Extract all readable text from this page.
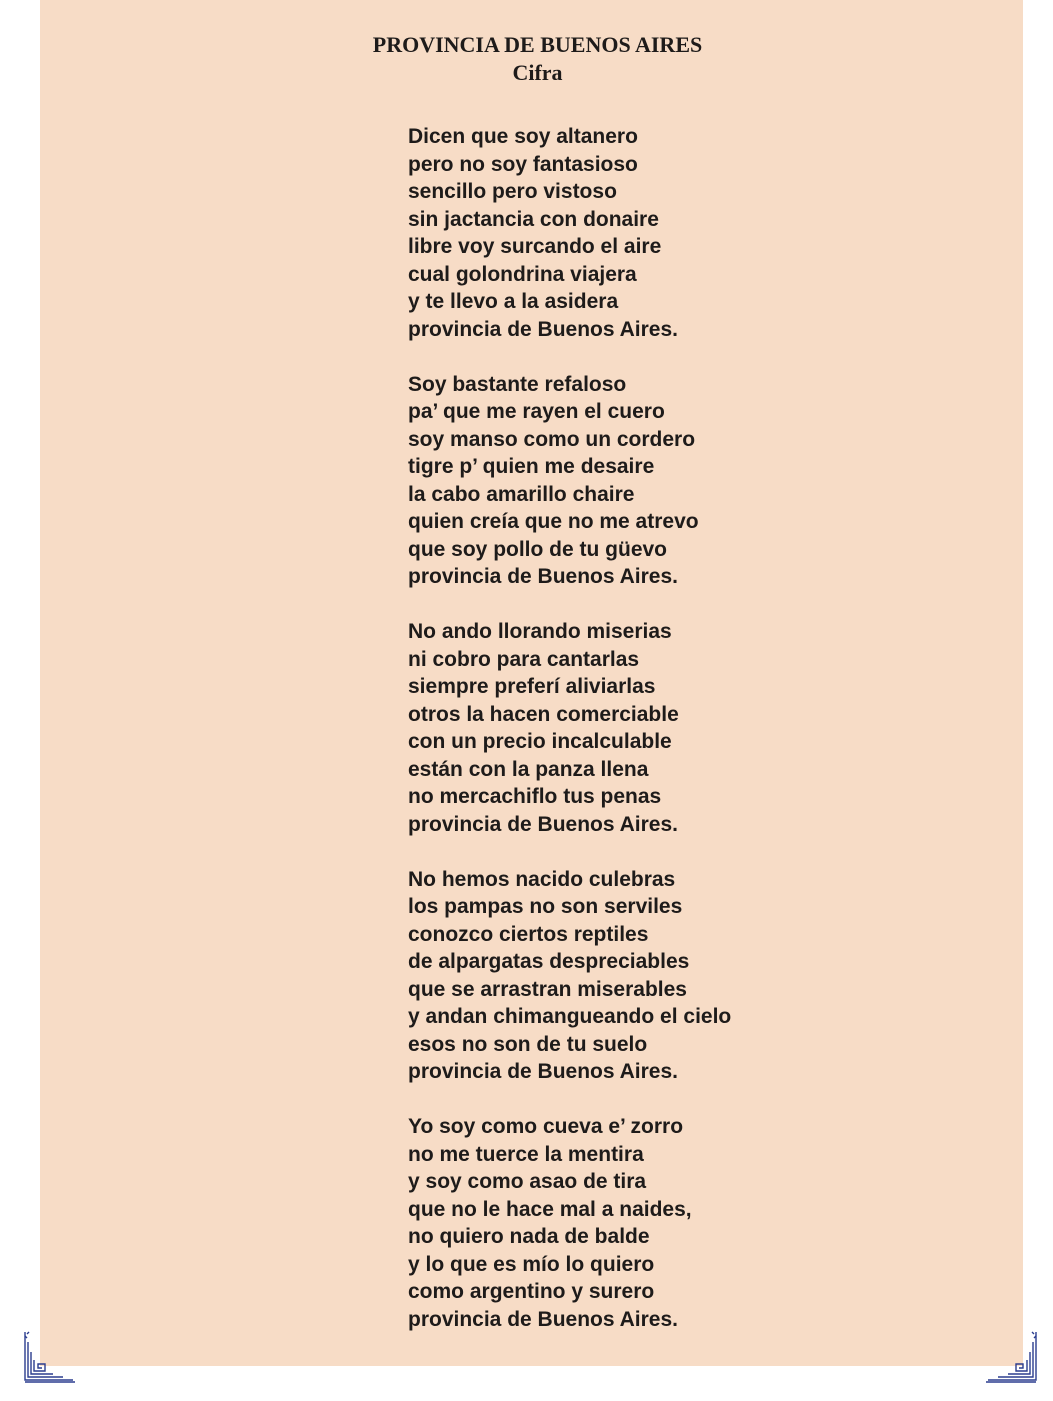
PROVINCIA DE BUENOS AIRES
Cifra
Dicen que soy altanero
pero no soy fantasioso
sencillo pero vistoso
sin jactancia con donaire
libre voy surcando el aire
cual golondrina viajera
y te llevo a la asidera
provincia de Buenos Aires.
Soy bastante refaloso
pa’ que me rayen el cuero
soy manso como un cordero
tigre p’ quien me desaire
la cabo amarillo chaire
quien creía que no me atrevo
que soy pollo de tu güevo
provincia de Buenos Aires.
No ando llorando miserias
ni cobro para cantarlas
siempre preferí aliviarlas
otros la hacen comerciable
con un precio incalculable
están con la panza llena
no mercachiflo tus penas
provincia de Buenos Aires.
No hemos nacido culebras
los pampas no son serviles
conozco ciertos reptiles
de alpargatas despreciables
que se arrastran miserables
y andan chimangueando el cielo
esos no son de tu suelo
provincia de Buenos Aires.
Yo soy como cueva e’ zorro
no me tuerce la mentira
y soy como asao de tira
que no le hace mal a naides,
no quiero nada de balde
y lo que es mío lo quiero
como argentino y surero
provincia de Buenos Aires.
